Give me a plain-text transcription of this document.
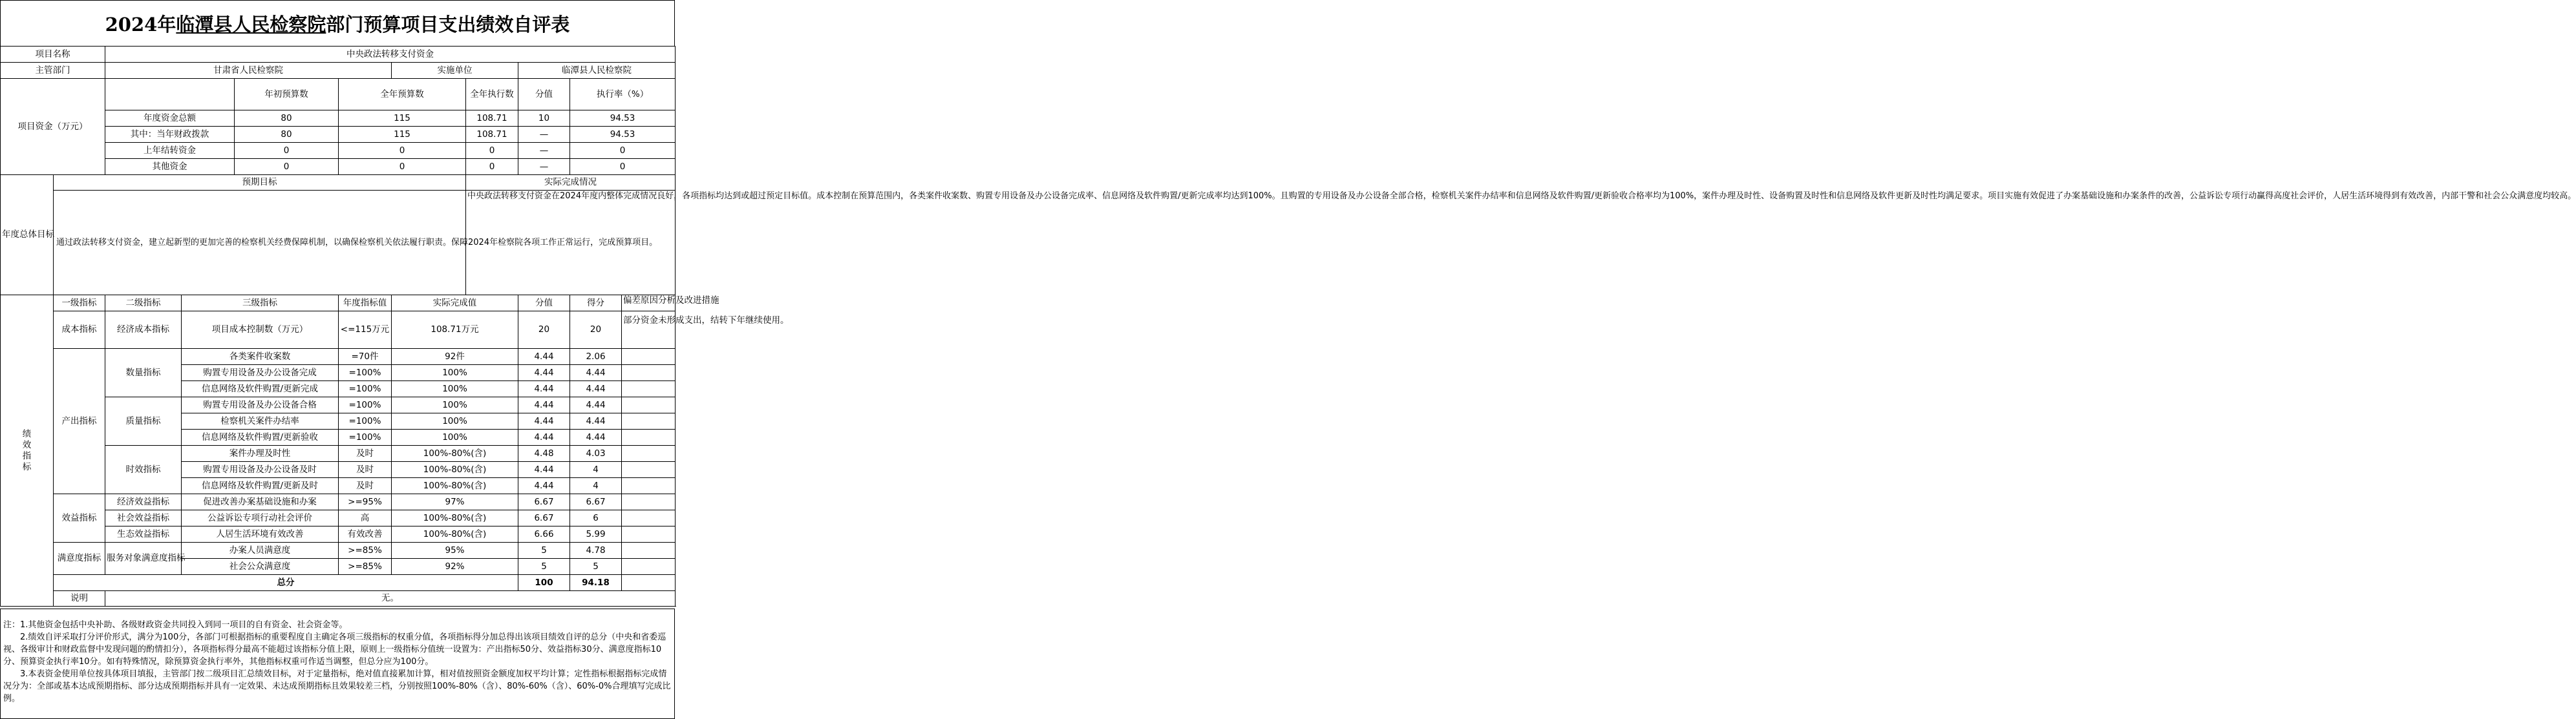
2024年 临潭县人民检察院 部门预算项目支出绩效自评表
项目名称		中央政法转移支付资金									
主管部门		甘肃省人民检察院				实施单位		临潭县人民检察院			
项目资金（万元）				年初预算数	全年预算数		全年执行数	分值	执行率（%）	
		年度资金总额		80	115		108.71	10	94.53	
		其中：当年财政拨款		80	115		108.71	—	94.53	
		上年结转资金		0	0		0	—	0	
		其他资金		0	0		0	—	0	
年度总体目标	预期目标						实际完成情况				
	通过政法转移支付资金，建立起新型的更加完善的检察机关经费保障机制，以确保检察机关依法履行职责。保障2024年检察院各项工作正常运行，完成预算项目。						中央政法转移支付资金在2024年度内整体完成情况良好，各项指标均达到或超过预定目标值。成本控制在预算范围内，各类案件收案数、购置专用设备及办公设备完成率、信息网络及软件购置/更新完成率均达到100%。且购置的专用设备及办公设备全部合格，检察机关案件办结率和信息网络及软件购置/更新验收合格率均为100%，案件办理及时性、设备购置及时性和信息网络及软件更新及时性均满足要求。项目实施有效促进了办案基础设施和办案条件的改善，公益诉讼专项行动赢得高度社会评价，人居生活环境得到有效改善，内部干警和社会公众满意度均较高。				
绩
效
指
标	一级指标	二级指标	三级指标		年度指标值	实际完成值		分值	得分	偏差原因分析及改进措施	
	成本指标	经济成本指标	项目成本控制数（万元）		<=115万元	108.71万元		20	20	部分资金未形成支出，结转下年继续使用。	
	产出指标	数量指标	各类案件收案数		=70件	92件		4.44	2.06		
			购置专用设备及办公设备完成		=100%	100%		4.44	4.44		
			信息网络及软件购置/更新完成		=100%	100%		4.44	4.44		
		质量指标	购置专用设备及办公设备合格		=100%	100%		4.44	4.44		
			检察机关案件办结率		=100%	100%		4.44	4.44		
			信息网络及软件购置/更新验收		=100%	100%		4.44	4.44		
		时效指标	案件办理及时性		及时	100%-80%(含)		4.48	4.03		
			购置专用设备及办公设备及时		及时	100%-80%(含)		4.44	4		
			信息网络及软件购置/更新及时		及时	100%-80%(含)		4.44	4		
	效益指标	经济效益指标	促进改善办案基础设施和办案		>=95%	97%		6.67	6.67		
		社会效益指标	公益诉讼专项行动社会评价		高	100%-80%(含)		6.67	6		
		生态效益指标	人居生活环境有效改善		有效改善	100%-80%(含)		6.66	5.99		
	满意度指标	服务对象满意度指标	办案人员满意度		>=85%	95%		5	4.78		
			社会公众满意度		>=85%	92%		5	5		
	总分							100	94.18		
	说明	无。									

注：1.其他资金包括中央补助、各级财政资金共同投入到同一项目的自有资金、社会资金等。

2.绩效自评采取打分评价形式，满分为100分，各部门可根据指标的重要程度自主确定各项三级指标的权重分值，各项指标得分加总得出该项目绩效自评的总分（中央和省委巡视、各级审计和财政监督中发现问题的酌情扣分），各项指标得分最高不能超过该指标分值上限，原则上一级指标分值统一设置为：产出指标50分、效益指标30分、满意度指标10分、预算资金执行率10分。如有特殊情况，除预算资金执行率外，其他指标权重可作适当调整，但总分应为100分。

3.本表资金使用单位按具体项目填报，主管部门按二级项目汇总绩效目标，对于定量指标，绝对值直接累加计算，相对值按照资金额度加权平均计算；定性指标根据指标完成情况分为：全部或基本达成预期指标、部分达成预期指标并具有一定效果、未达成预期指标且效果较差三档，分别按照100%-80%（含）、80%-60%（含）、60%-0%合理填写完成比例。
